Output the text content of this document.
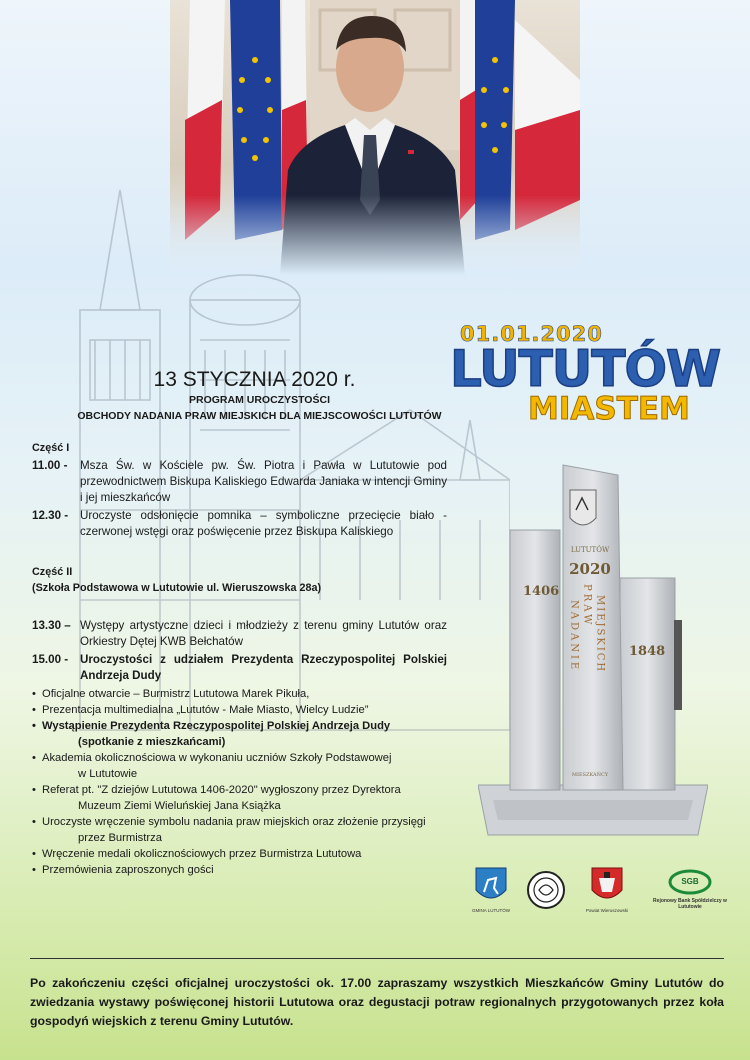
01.01.2020
LUTUTÓW
MIASTEM
13 STYCZNIA 2020 r.
PROGRAM UROCZYSTOŚCI
OBCHODY NADANIA PRAW MIEJSKICH DLA MIEJSCOWOŚCI LUTUTÓW
Część I
11.00 -	Msza Św. w Kościele pw. Św. Piotra i Pawła w Lututowie pod przewodnictwem Biskupa Kaliskiego Edwarda Janiaka w intencji Gminy i jej mieszkańców
12.30 -	Uroczyste odsłonięcie pomnika – symboliczne przecięcie biało -czerwonej wstęgi oraz poświęcenie przez Biskupa Kaliskiego
Część II
(Szkoła Podstawowa w Lututowie ul. Wieruszowska 28a)
13.30 – Występy artystyczne dzieci i młodzieży z terenu gminy Lututów oraz Orkiestry Dętej KWB Bełchatów
15.00 -	Uroczystości z udziałem Prezydenta Rzeczypospolitej Polskiej Andrzeja Dudy
• Oficjalne otwarcie – Burmistrz Lututowa Marek Pikuła,
• Prezentacja multimedialna „Lututów - Małe Miasto, Wielcy Ludzie”
• Wystąpienie Prezydenta Rzeczypospolitej Polskiej Andrzeja Dudy
(spotkanie z mieszkańcami)
• Akademia okolicznościowa w wykonaniu uczniów Szkoły Podstawowej
w Lututowie
• Referat pt. "Z dziejów Lututowa 1406-2020" wygłoszony przez Dyrektora
Muzeum Ziemi Wieluńskiej Jana Książka
• Uroczyste wręczenie symbolu nadania praw miejskich oraz złożenie przysięgi
przez Burmistrza
• Wręczenie medali okolicznościowych przez Burmistrza Lututowa
• Przemówienia zaproszonych gości
LUTUTÓW
2020
1406
1848
NADANIE PRAW MIEJSKICH
MIESZKAŃCY
GMINA LUTUTÓW	Powiat Wieruszowski
SGB
Rejonowy Bank Spółdzielczy w Lututowie
Po zakończeniu części oficjalnej uroczystości ok. 17.00 zapraszamy wszystkich Mieszkańców Gminy Lututów do zwiedzania wystawy poświęconej historii Lututowa oraz degustacji potraw regionalnych przygotowanych przez koła gospodyń wiejskich z terenu Gminy Lututów.
